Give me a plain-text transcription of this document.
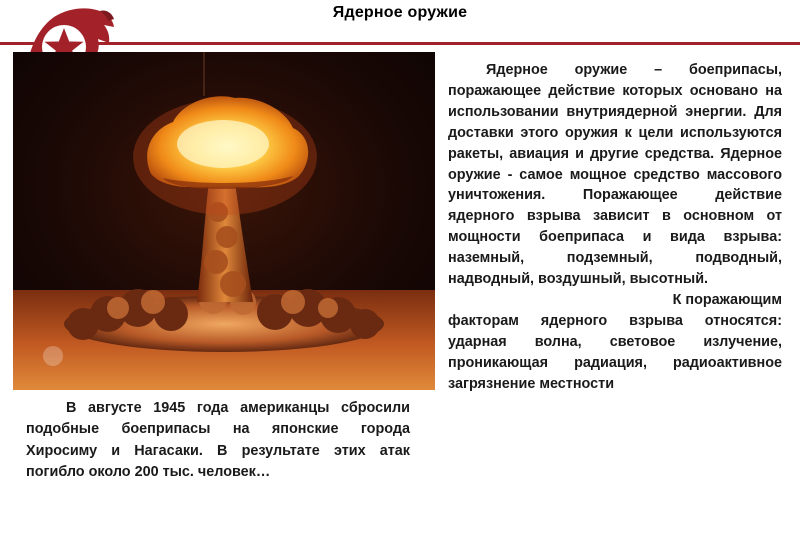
Ядерное оружие

Ядерное оружие – боеприпасы, поражающее действие которых основано на использовании внутриядерной энергии. Для доставки этого оружия к цели используются ракеты, авиация и другие средства. Ядерное оружие - самое мощное средство массового уничтожения. Поражающее действие ядерного взрыва зависит в основном от мощности боеприпаса и вида взрыва: наземный, подземный, подводный, надводный, воздушный, высотный.

К поражающим

факторам ядерного взрыва относятся: ударная волна, световое излучение, проникающая радиация, радиоактивное загрязнение местности

В августе 1945 года американцы сбросили подобные боеприпасы на японские города Хиросиму и Нагасаки. В результате этих атак погибло около 200 тыс. человек…
